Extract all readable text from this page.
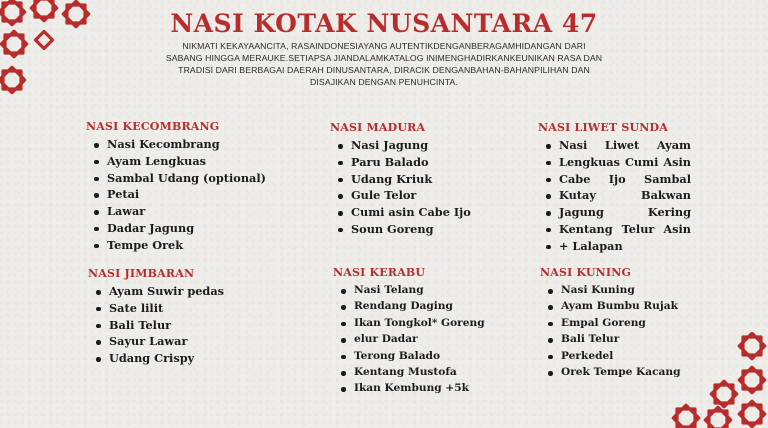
NASI KOTAK NUSANTARA 47
NIKMATI KEKAYAANCITA, RASAINDONESIAYANG AUTENTIKDENGANBERAGAMHIDANGAN DARI
SABANG HINGGA MERAUKE.SETIAPSA JIANDALAMKATALOG INIMENGHADIRKANKEUNIKAN RASA DAN
TRADISI DARI BERBAGAI DAERAH DINUSANTARA, DIRACIK DENGANBAHAN-BAHANPILIHAN DAN
DISAJIKAN DENGAN PENUHCINTA.
NASI KECOMBRANG
Nasi Kecombrang
Ayam Lengkuas
Sambal Udang (optional)
Petai
Lawar
Dadar Jagung
Tempe Orek
NASI JIMBARAN
Ayam Suwir pedas
Sate lilit
Bali Telur
Sayur Lawar
Udang Crispy
NASI MADURA
Nasi Jagung
Paru Balado
Udang Kriuk
Gule Telor
Cumi asin Cabe Ijo
Soun Goreng
NASI KERABU
Nasi Telang
Rendang Daging
Ikan Tongkol* Goreng
elur Dadar
Terong Balado
Kentang Mustofa
Ikan Kembung +5k
NASI LIWET SUNDA
Nasi Liwet Ayam
Lengkuas Cumi Asin
Cabe Ijo Sambal
Kutay	Bakwan
Jagung	Kering
Kentang Telur Asin
+ Lalapan
NASI KUNING
Nasi Kuning
Ayam Bumbu Rujak
Empal Goreng
Bali Telur
Perkedel
Orek Tempe Kacang
